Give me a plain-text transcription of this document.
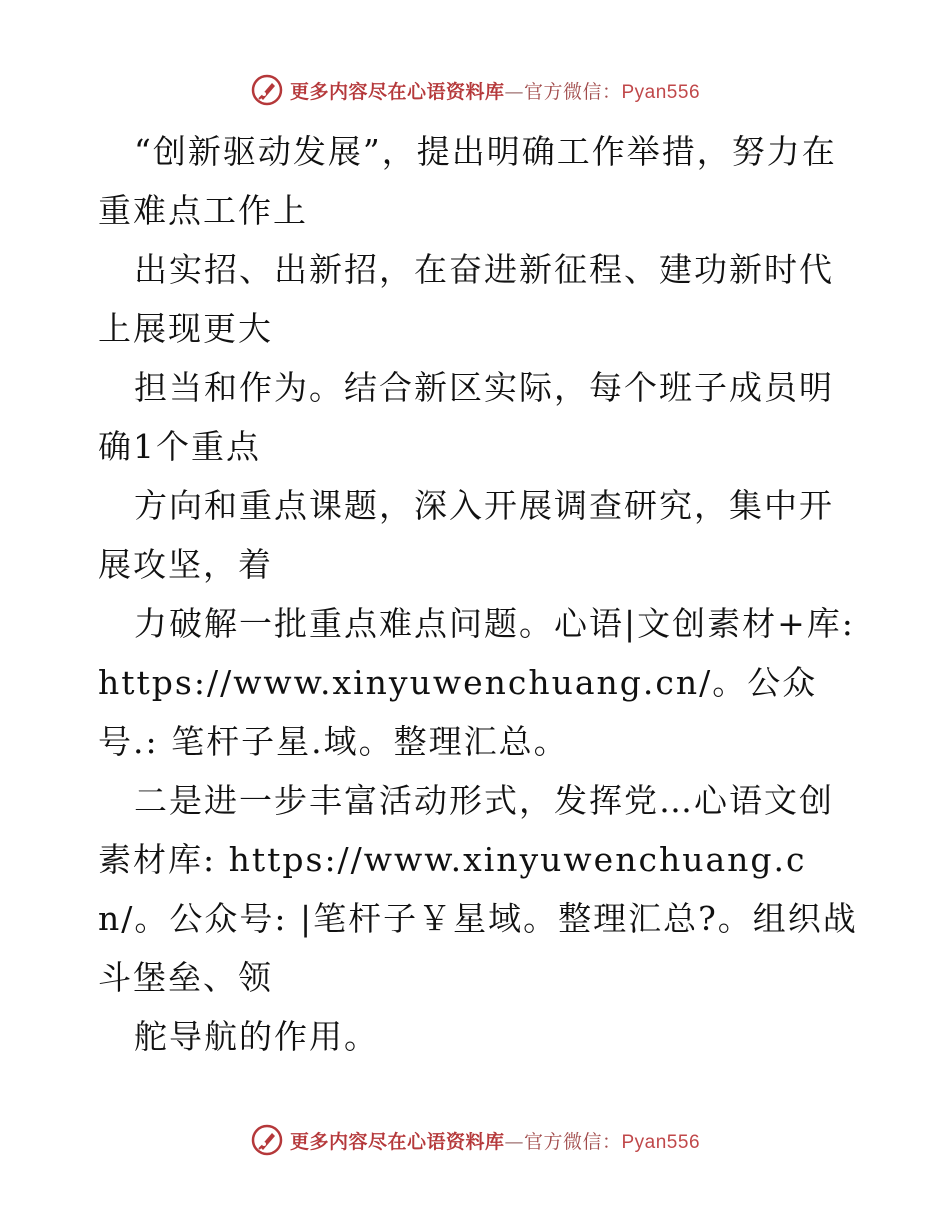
更多内容尽在心语资料库—官方微信：Pyan556

“创新驱动发展”，提出明确工作举措，努力在重难点工作上

出实招、出新招，在奋进新征程、建功新时代上展现更大

担当和作为。结合新区实际，每个班子成员明确1个重点

方向和重点课题，深入开展调查研究，集中开展攻坚，着

力破解一批重点难点问题。心语|文创素材+库: https://www.xinyuwenchuang.cn/。公众号.: 笔杆子星.域。整理汇总。

二是进一步丰富活动形式，发挥党…心语文创素材库: https://www.xinyuwenchuang.cn/。公众号: |笔杆子￥星域。整理汇总?。组织战斗堡垒、领

舵导航的作用。

更多内容尽在心语资料库—官方微信：Pyan556
